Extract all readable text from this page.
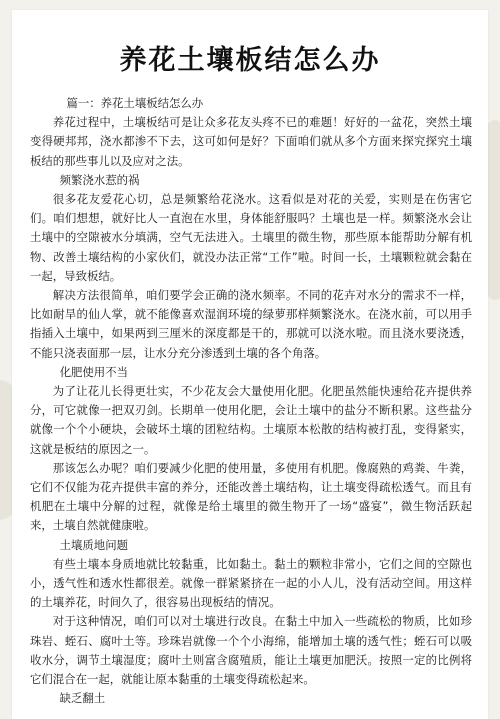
养花土壤板结怎么办

篇一：养花土壤板结怎么办

养花过程中，土壤板结可是让众多花友头疼不已的难题！好好的一盆花，突然土壤变得硬邦邦，浇水都渗不下去，这可如何是好？下面咱们就从多个方面来探究探究土壤板结的那些事儿以及应对之法。

频繁浇水惹的祸

很多花友爱花心切，总是频繁给花浇水。这看似是对花的关爱，实则是在伤害它们。咱们想想，就好比人一直泡在水里，身体能舒服吗？土壤也是一样。频繁浇水会让土壤中的空隙被水分填满，空气无法进入。土壤里的微生物，那些原本能帮助分解有机物、改善土壤结构的小家伙们，就没办法正常“工作”啦。时间一长，土壤颗粒就会黏在一起，导致板结。

解决方法很简单，咱们要学会正确的浇水频率。不同的花卉对水分的需求不一样，比如耐旱的仙人掌，就不能像喜欢湿润环境的绿萝那样频繁浇水。在浇水前，可以用手指插入土壤中，如果两到三厘米的深度都是干的，那就可以浇水啦。而且浇水要浇透，不能只浇表面那一层，让水分充分渗透到土壤的各个角落。

化肥使用不当

为了让花儿长得更壮实，不少花友会大量使用化肥。化肥虽然能快速给花卉提供养分，可它就像一把双刃剑。长期单一使用化肥，会让土壤中的盐分不断积累。这些盐分就像一个个小硬块，会破坏土壤的团粒结构。土壤原本松散的结构被打乱，变得紧实，这就是板结的原因之一。

那该怎么办呢？咱们要减少化肥的使用量，多使用有机肥。像腐熟的鸡粪、牛粪，它们不仅能为花卉提供丰富的养分，还能改善土壤结构，让土壤变得疏松透气。而且有机肥在土壤中分解的过程，就像是给土壤里的微生物开了一场“盛宴”，微生物活跃起来，土壤自然就健康啦。

土壤质地问题

有些土壤本身质地就比较黏重，比如黏土。黏土的颗粒非常小，它们之间的空隙也小，透气性和透水性都很差。就像一群紧紧挤在一起的小人儿，没有活动空间。用这样的土壤养花，时间久了，很容易出现板结的情况。

对于这种情况，咱们可以对土壤进行改良。在黏土中加入一些疏松的物质，比如珍珠岩、蛭石、腐叶土等。珍珠岩就像一个个小海绵，能增加土壤的透气性；蛭石可以吸收水分，调节土壤湿度；腐叶土则富含腐殖质，能让土壤更加肥沃。按照一定的比例将它们混合在一起，就能让原本黏重的土壤变得疏松起来。

缺乏翻土
